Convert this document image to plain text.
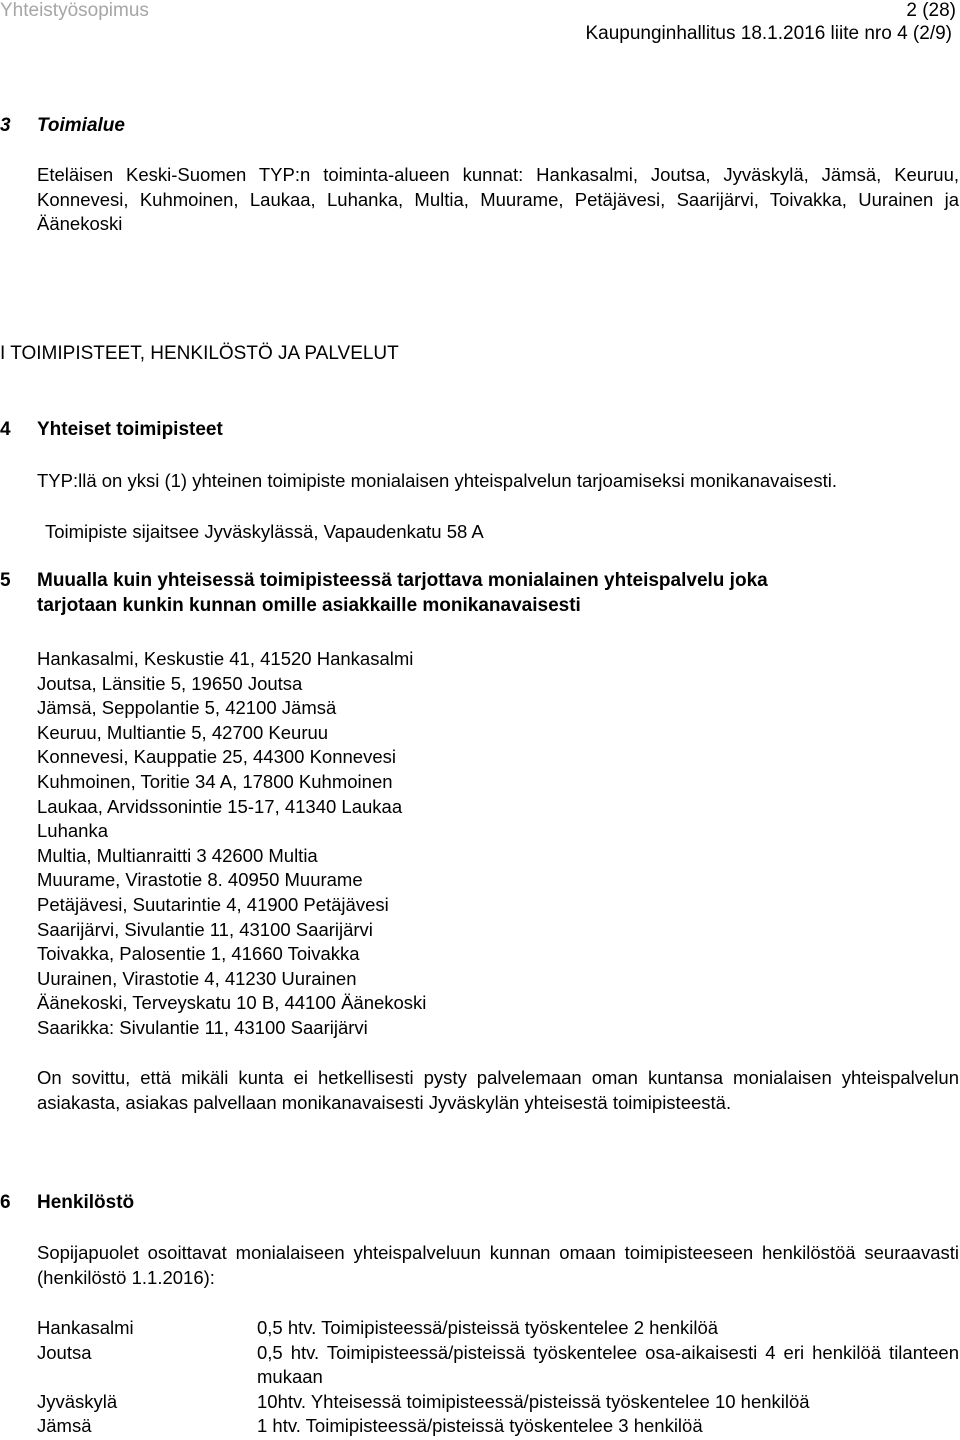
Yhteistyösopimus	2 (28)
Kaupunginhallitus 18.1.2016 liite nro 4 (2/9)
3 Toimialue
Eteläisen Keski-Suomen TYP:n toiminta-alueen kunnat: Hankasalmi, Joutsa, Jyväskylä, Jämsä, Keuruu, Konnevesi, Kuhmoinen, Laukaa, Luhanka, Multia, Muurame, Petäjävesi, Saarijärvi, Toivakka, Uurainen ja Äänekoski
I TOIMIPISTEET, HENKILÖSTÖ JA PALVELUT
4 Yhteiset toimipisteet
TYP:llä on yksi (1) yhteinen toimipiste monialaisen yhteispalvelun tarjoamiseksi monikanavaisesti.
Toimipiste sijaitsee Jyväskylässä, Vapaudenkatu 58 A
5 Muualla kuin yhteisessä toimipisteessä tarjottava monialainen yhteispalvelu joka
tarjotaan kunkin kunnan omille asiakkaille monikanavaisesti
Hankasalmi, Keskustie 41, 41520 Hankasalmi
Joutsa, Länsitie 5, 19650 Joutsa
Jämsä, Seppolantie 5, 42100 Jämsä
Keuruu, Multiantie 5, 42700 Keuruu
Konnevesi, Kauppatie 25, 44300 Konnevesi
Kuhmoinen, Toritie 34 A, 17800 Kuhmoinen
Laukaa, Arvidssonintie 15-17, 41340 Laukaa
Luhanka
Multia, Multianraitti 3 42600 Multia
Muurame, Virastotie 8. 40950 Muurame
Petäjävesi, Suutarintie 4, 41900 Petäjävesi
Saarijärvi, Sivulantie 11, 43100 Saarijärvi
Toivakka, Palosentie 1, 41660 Toivakka
Uurainen, Virastotie 4, 41230 Uurainen
Äänekoski, Terveyskatu 10 B, 44100 Äänekoski
Saarikka: Sivulantie 11, 43100 Saarijärvi
On sovittu, että mikäli kunta ei hetkellisesti pysty palvelemaan oman kuntansa monialaisen yhteispalvelun asiakasta, asiakas palvellaan monikanavaisesti Jyväskylän yhteisestä toimipisteestä.
6 Henkilöstö
Sopijapuolet osoittavat monialaiseen yhteispalveluun kunnan omaan toimipisteeseen henkilöstöä seuraavasti (henkilöstö 1.1.2016):
Hankasalmi	0,5 htv. Toimipisteessä/pisteissä työskentelee 2 henkilöä
Joutsa	0,5 htv. Toimipisteessä/pisteissä työskentelee osa-aikaisesti 4 eri henkilöä tilanteen mukaan
Jyväskylä	10htv. Yhteisessä toimipisteessä/pisteissä työskentelee 10 henkilöä
Jämsä	1 htv. Toimipisteessä/pisteissä työskentelee 3 henkilöä
